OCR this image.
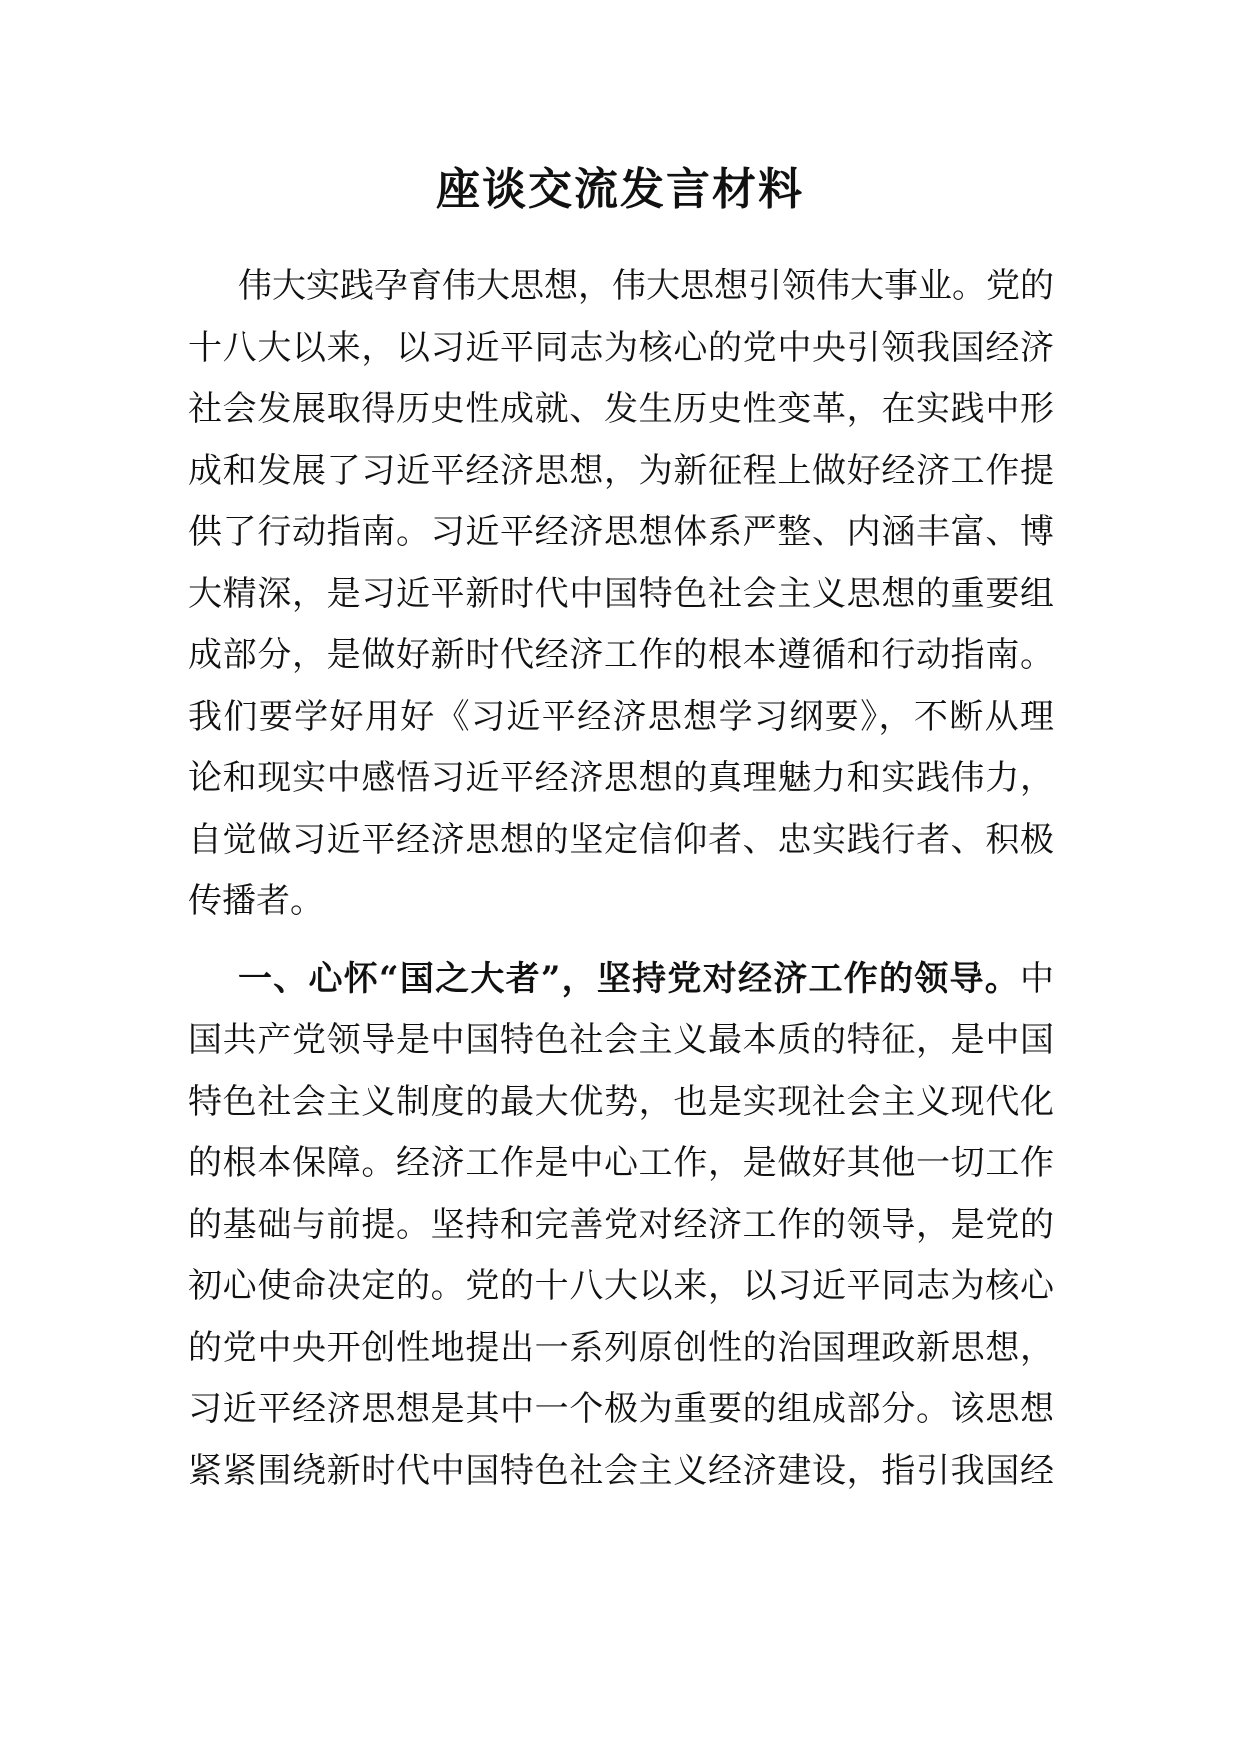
座谈交流发言材料
伟大实践孕育伟大思想，伟大思想引领伟大事业。党的
十八大以来，以习近平同志为核心的党中央引领我国经济
社会发展取得历史性成就、发生历史性变革，在实践中形
成和发展了习近平经济思想，为新征程上做好经济工作提
供了行动指南。习近平经济思想体系严整、内涵丰富、博
大精深，是习近平新时代中国特色社会主义思想的重要组
成部分，是做好新时代经济工作的根本遵循和行动指南。
我们要学好用好《习近平经济思想学习纲要》，不断从理
论和现实中感悟习近平经济思想的真理魅力和实践伟力，
自觉做习近平经济思想的坚定信仰者、忠实践行者、积极
传播者。
一、心怀“国之大者”，坚持党对经济工作的领导。中
国共产党领导是中国特色社会主义最本质的特征，是中国
特色社会主义制度的最大优势，也是实现社会主义现代化
的根本保障。经济工作是中心工作，是做好其他一切工作
的基础与前提。坚持和完善党对经济工作的领导，是党的
初心使命决定的。党的十八大以来，以习近平同志为核心
的党中央开创性地提出一系列原创性的治国理政新思想，
习近平经济思想是其中一个极为重要的组成部分。该思想
紧紧围绕新时代中国特色社会主义经济建设，指引我国经
